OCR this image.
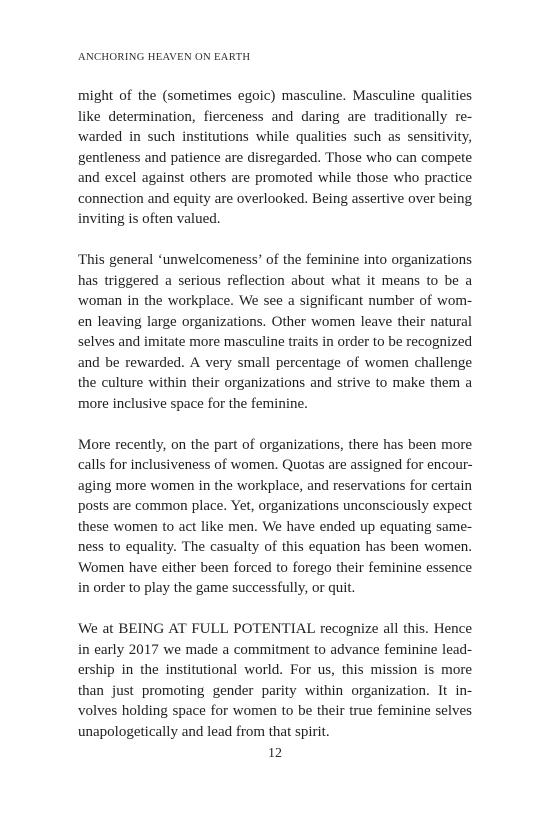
ANCHORING HEAVEN ON EARTH
might of the (sometimes egoic) masculine. Masculine qualities
like determination, fierceness and daring are traditionally re-
warded in such institutions while qualities such as sensitivity,
gentleness and patience are disregarded. Those who can compete
and excel against others are promoted while those who practice
connection and equity are overlooked. Being assertive over being
inviting is often valued.
This general ‘unwelcomeness’ of the feminine into organizations
has triggered a serious reflection about what it means to be a
woman in the workplace. We see a significant number of wom-
en leaving large organizations. Other women leave their natural
selves and imitate more masculine traits in order to be recognized
and be rewarded. A very small percentage of women challenge
the culture within their organizations and strive to make them a
more inclusive space for the feminine.
More recently, on the part of organizations, there has been more
calls for inclusiveness of women. Quotas are assigned for encour-
aging more women in the workplace, and reservations for certain
posts are common place. Yet, organizations unconsciously expect
these women to act like men. We have ended up equating same-
ness to equality. The casualty of this equation has been women.
Women have either been forced to forego their feminine essence
in order to play the game successfully, or quit.
We at BEING AT FULL POTENTIAL recognize all this. Hence
in early 2017 we made a commitment to advance feminine lead-
ership in the institutional world. For us, this mission is more
than just promoting gender parity within organization. It in-
volves holding space for women to be their true feminine selves
unapologetically and lead from that spirit.
12
